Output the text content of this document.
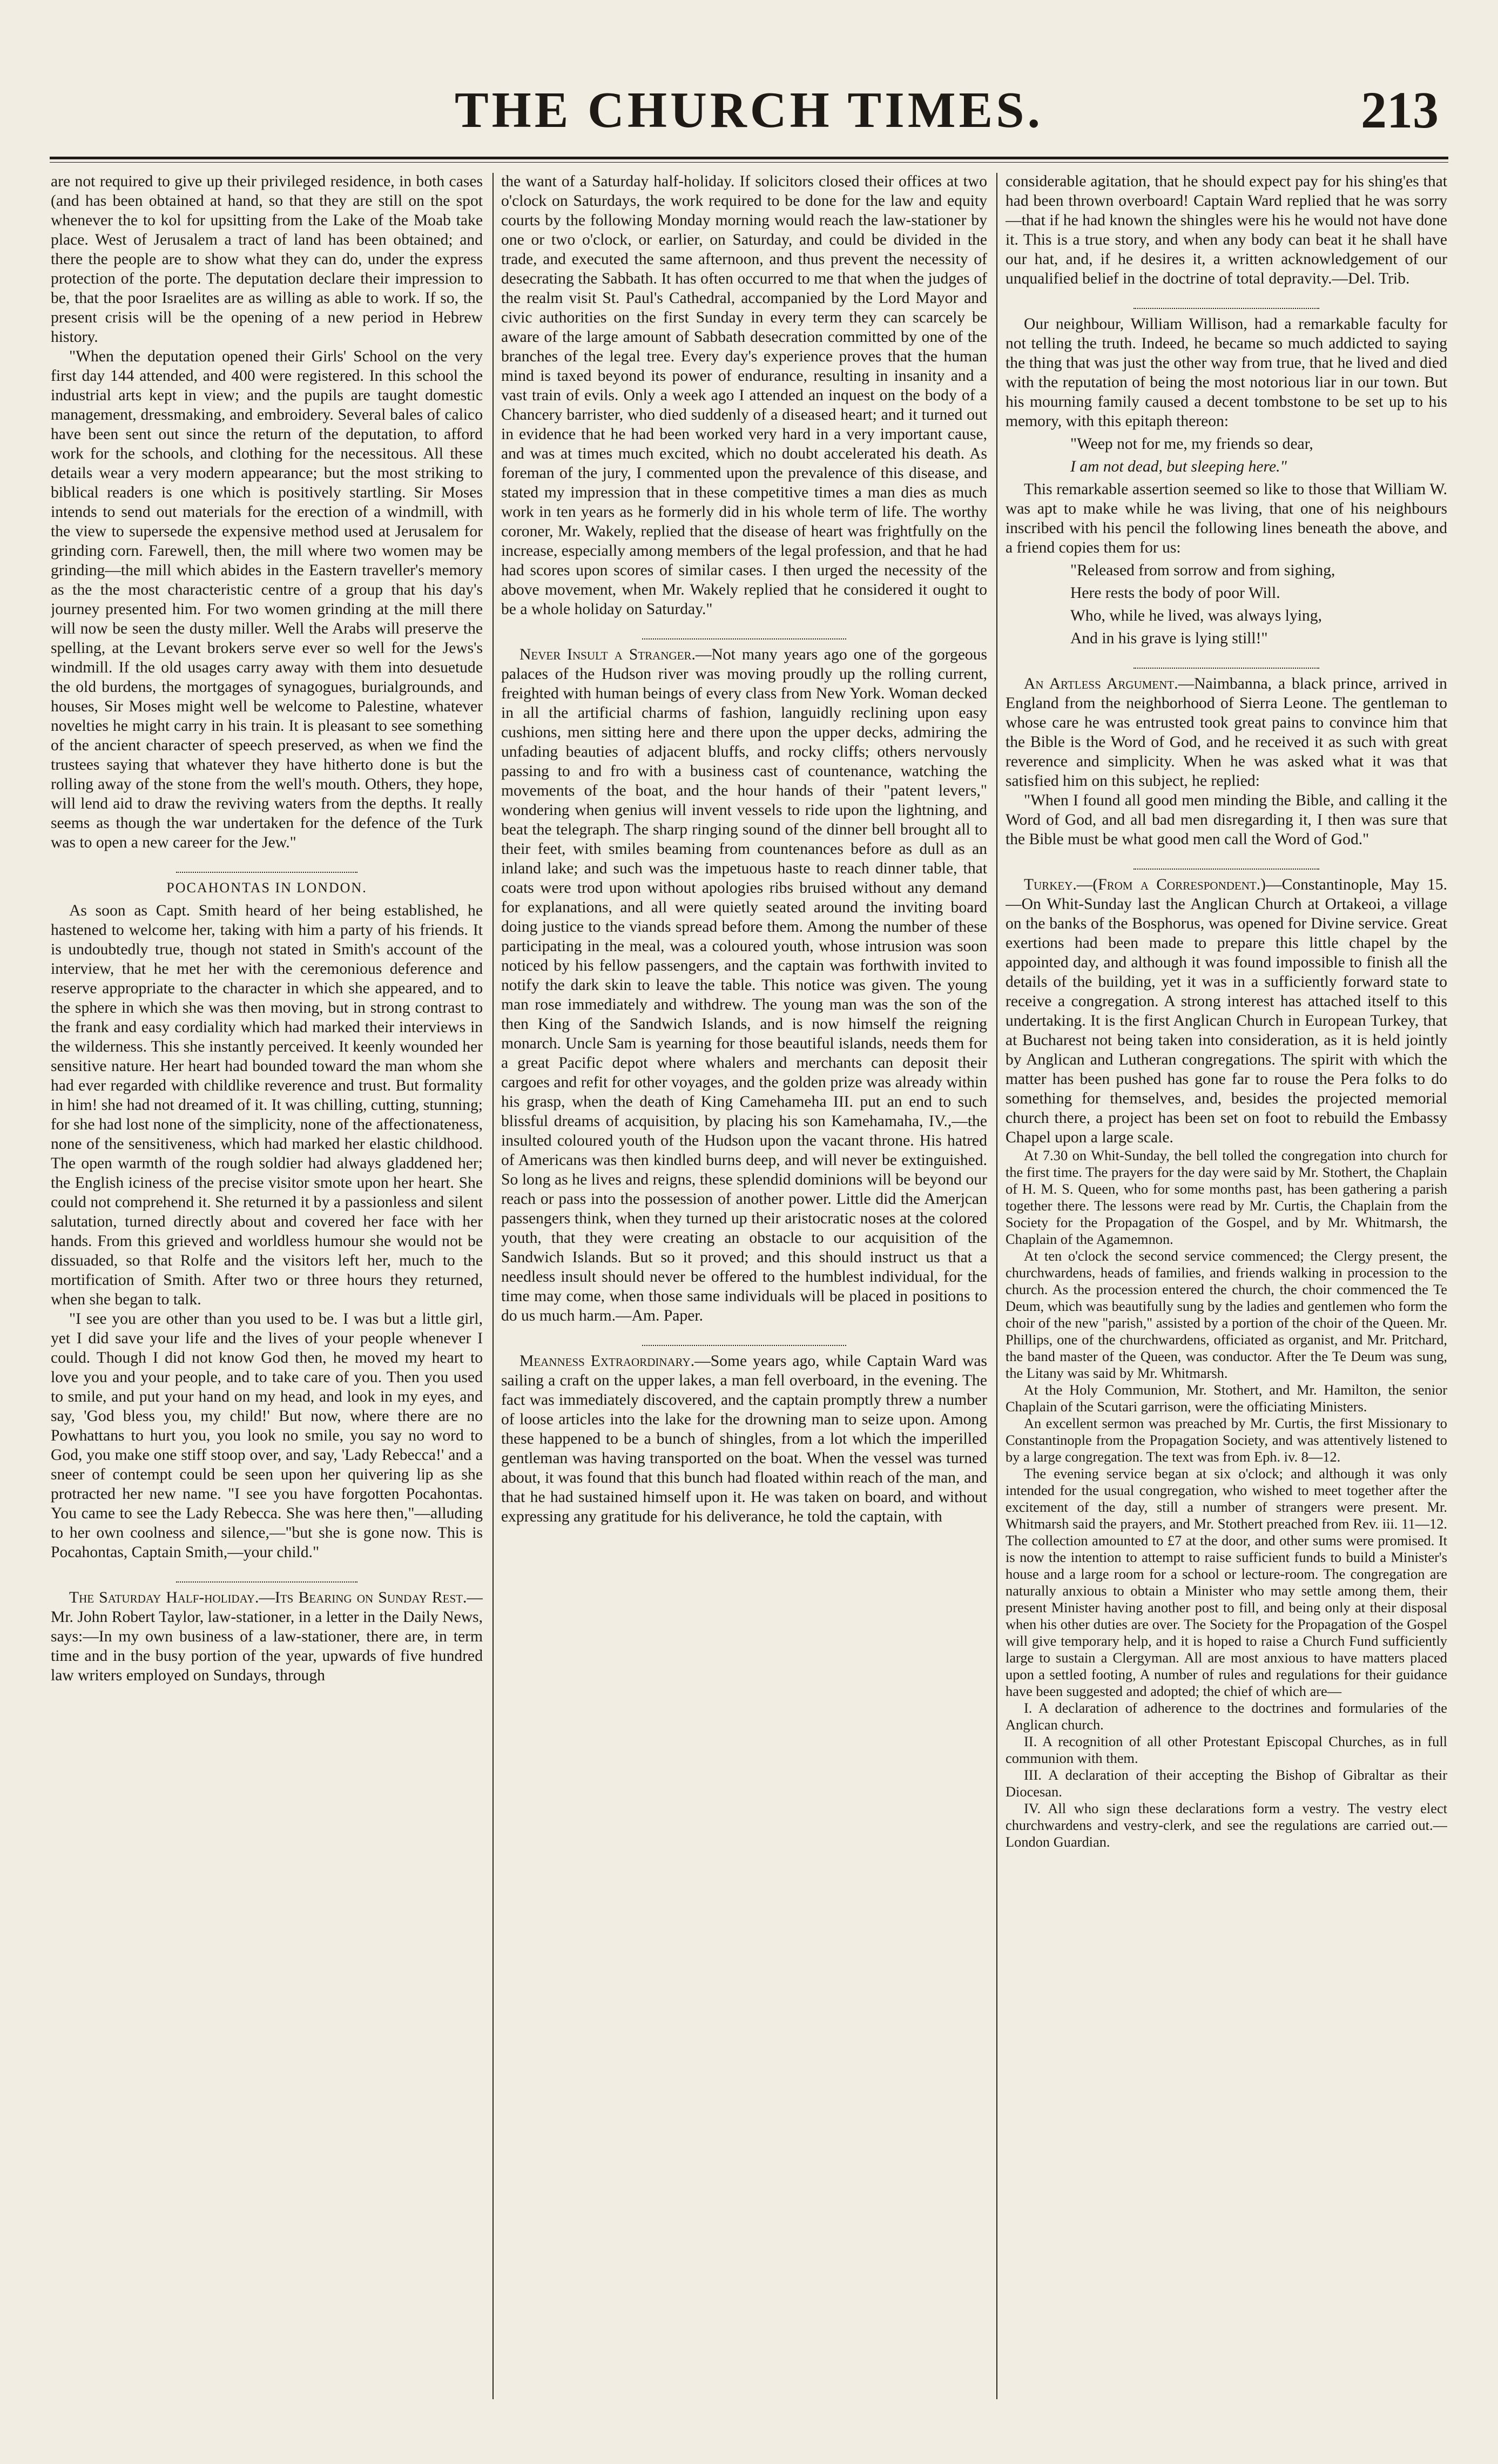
THE CHURCH TIMES.	213

are not required to give up their privileged residence, in both cases (and has been obtained at hand, so that they are still on the spot whenever the to kol for upsitting from the Lake of the Moab take place. West of Jerusalem a tract of land has been obtained; and there the people are to show what they can do, under the express protection of the porte. The deputation declare their impression to be, that the poor Israelites are as willing as able to work. If so, the present crisis will be the opening of a new period in Hebrew history.

"When the deputation opened their Girls' School on the very first day 144 attended, and 400 were registered. In this school the industrial arts kept in view; and the pupils are taught domestic management, dressmaking, and embroidery. Several bales of calico have been sent out since the return of the deputation, to afford work for the schools, and clothing for the necessitous. All these details wear a very modern appearance; but the most striking to biblical readers is one which is positively startling. Sir Moses intends to send out materials for the erection of a windmill, with the view to supersede the expensive method used at Jerusalem for grinding corn. Farewell, then, the mill where two women may be grinding—the mill which abides in the Eastern traveller's memory as the the most characteristic centre of a group that his day's journey presented him. For two women grinding at the mill there will now be seen the dusty miller. Well the Arabs will preserve the spelling, at the Levant brokers serve ever so well for the Jews's windmill. If the old usages carry away with them into desuetude the old burdens, the mortgages of synagogues, burialgrounds, and houses, Sir Moses might well be welcome to Palestine, whatever novelties he might carry in his train. It is pleasant to see something of the ancient character of speech preserved, as when we find the trustees saying that whatever they have hitherto done is but the rolling away of the stone from the well's mouth. Others, they hope, will lend aid to draw the reviving waters from the depths. It really seems as though the war undertaken for the defence of the Turk was to open a new career for the Jew."

POCAHONTAS IN LONDON.

As soon as Capt. Smith heard of her being established, he hastened to welcome her, taking with him a party of his friends. It is undoubtedly true, though not stated in Smith's account of the interview, that he met her with the ceremonious deference and reserve appropriate to the character in which she appeared, and to the sphere in which she was then moving, but in strong contrast to the frank and easy cordiality which had marked their interviews in the wilderness. This she instantly perceived. It keenly wounded her sensitive nature. Her heart had bounded toward the man whom she had ever regarded with childlike reverence and trust. But formality in him! she had not dreamed of it. It was chilling, cutting, stunning; for she had lost none of the simplicity, none of the affectionateness, none of the sensitiveness, which had marked her elastic childhood. The open warmth of the rough soldier had always gladdened her; the English iciness of the precise visitor smote upon her heart. She could not comprehend it. She returned it by a passionless and silent salutation, turned directly about and covered her face with her hands. From this grieved and worldless humour she would not be dissuaded, so that Rolfe and the visitors left her, much to the mortification of Smith. After two or three hours they returned, when she began to talk.

"I see you are other than you used to be. I was but a little girl, yet I did save your life and the lives of your people whenever I could. Though I did not know God then, he moved my heart to love you and your people, and to take care of you. Then you used to smile, and put your hand on my head, and look in my eyes, and say, 'God bless you, my child!' But now, where there are no Powhattans to hurt you, you look no smile, you say no word to God, you make one stiff stoop over, and say, 'Lady Rebecca!' and a sneer of contempt could be seen upon her quivering lip as she protracted her new name. "I see you have forgotten Pocahontas. You came to see the Lady Rebecca. She was here then,"—alluding to her own coolness and silence,—"but she is gone now. This is Pocahontas, Captain Smith,—your child."

The Saturday Half-holiday.—Its Bearing on Sunday Rest.—Mr. John Robert Taylor, law-stationer, in a letter in the Daily News, says:—In my own business of a law-stationer, there are, in term time and in the busy portion of the year, upwards of five hundred law writers employed on Sundays, through

the want of a Saturday half-holiday. If solicitors closed their offices at two o'clock on Saturdays, the work required to be done for the law and equity courts by the following Monday morning would reach the law-stationer by one or two o'clock, or earlier, on Saturday, and could be divided in the trade, and executed the same afternoon, and thus prevent the necessity of desecrating the Sabbath. It has often occurred to me that when the judges of the realm visit St. Paul's Cathedral, accompanied by the Lord Mayor and civic authorities on the first Sunday in every term they can scarcely be aware of the large amount of Sabbath desecration committed by one of the branches of the legal tree. Every day's experience proves that the human mind is taxed beyond its power of endurance, resulting in insanity and a vast train of evils. Only a week ago I attended an inquest on the body of a Chancery barrister, who died suddenly of a diseased heart; and it turned out in evidence that he had been worked very hard in a very important cause, and was at times much excited, which no doubt accelerated his death. As foreman of the jury, I commented upon the prevalence of this disease, and stated my impression that in these competitive times a man dies as much work in ten years as he formerly did in his whole term of life. The worthy coroner, Mr. Wakely, replied that the disease of heart was frightfully on the increase, especially among members of the legal profession, and that he had had scores upon scores of similar cases. I then urged the necessity of the above movement, when Mr. Wakely replied that he considered it ought to be a whole holiday on Saturday."

Never Insult a Stranger.—Not many years ago one of the gorgeous palaces of the Hudson river was moving proudly up the rolling current, freighted with human beings of every class from New York. Woman decked in all the artificial charms of fashion, languidly reclining upon easy cushions, men sitting here and there upon the upper decks, admiring the unfading beauties of adjacent bluffs, and rocky cliffs; others nervously passing to and fro with a business cast of countenance, watching the movements of the boat, and the hour hands of their "patent levers," wondering when genius will invent vessels to ride upon the lightning, and beat the telegraph. The sharp ringing sound of the dinner bell brought all to their feet, with smiles beaming from countenances before as dull as an inland lake; and such was the impetuous haste to reach dinner table, that coats were trod upon without apologies ribs bruised without any demand for explanations, and all were quietly seated around the inviting board doing justice to the viands spread before them. Among the number of these participating in the meal, was a coloured youth, whose intrusion was soon noticed by his fellow passengers, and the captain was forthwith invited to notify the dark skin to leave the table. This notice was given. The young man rose immediately and withdrew. The young man was the son of the then King of the Sandwich Islands, and is now himself the reigning monarch. Uncle Sam is yearning for those beautiful islands, needs them for a great Pacific depot where whalers and merchants can deposit their cargoes and refit for other voyages, and the golden prize was already within his grasp, when the death of King Camehameha III. put an end to such blissful dreams of acquisition, by placing his son Kamehamaha, IV.,—the insulted coloured youth of the Hudson upon the vacant throne. His hatred of Americans was then kindled burns deep, and will never be extinguished. So long as he lives and reigns, these splendid dominions will be beyond our reach or pass into the possession of another power. Little did the Amerjcan passengers think, when they turned up their aristocratic noses at the colored youth, that they were creating an obstacle to our acquisition of the Sandwich Islands. But so it proved; and this should instruct us that a needless insult should never be offered to the humblest individual, for the time may come, when those same individuals will be placed in positions to do us much harm.—Am. Paper.

Meanness Extraordinary.—Some years ago, while Captain Ward was sailing a craft on the upper lakes, a man fell overboard, in the evening. The fact was immediately discovered, and the captain promptly threw a number of loose articles into the lake for the drowning man to seize upon. Among these happened to be a bunch of shingles, from a lot which the imperilled gentleman was having transported on the boat. When the vessel was turned about, it was found that this bunch had floated within reach of the man, and that he had sustained himself upon it. He was taken on board, and without expressing any gratitude for his deliverance, he told the captain, with

considerable agitation, that he should expect pay for his shing'es that had been thrown overboard! Captain Ward replied that he was sorry—that if he had known the shingles were his he would not have done it. This is a true story, and when any body can beat it he shall have our hat, and, if he desires it, a written acknowledgement of our unqualified belief in the doctrine of total depravity.—Del. Trib.

Our neighbour, William Willison, had a remarkable faculty for not telling the truth. Indeed, he became so much addicted to saying the thing that was just the other way from true, that he lived and died with the reputation of being the most notorious liar in our town. But his mourning family caused a decent tombstone to be set up to his memory, with this epitaph thereon:

"Weep not for me, my friends so dear,
I am not dead, but sleeping here."

This remarkable assertion seemed so like to those that William W. was apt to make while he was living, that one of his neighbours inscribed with his pencil the following lines beneath the above, and a friend copies them for us:

"Released from sorrow and from sighing,
Here rests the body of poor Will.
Who, while he lived, was always lying,
And in his grave is lying still!"

An Artless Argument.—Naimbanna, a black prince, arrived in England from the neighborhood of Sierra Leone. The gentleman to whose care he was entrusted took great pains to convince him that the Bible is the Word of God, and he received it as such with great reverence and simplicity. When he was asked what it was that satisfied him on this subject, he replied:

"When I found all good men minding the Bible, and calling it the Word of God, and all bad men disregarding it, I then was sure that the Bible must be what good men call the Word of God."

Turkey.—(From a Correspondent.)—Constantinople, May 15.—On Whit-Sunday last the Anglican Church at Ortakeoi, a village on the banks of the Bosphorus, was opened for Divine service. Great exertions had been made to prepare this little chapel by the appointed day, and although it was found impossible to finish all the details of the building, yet it was in a sufficiently forward state to receive a congregation. A strong interest has attached itself to this undertaking. It is the first Anglican Church in European Turkey, that at Bucharest not being taken into consideration, as it is held jointly by Anglican and Lutheran congregations. The spirit with which the matter has been pushed has gone far to rouse the Pera folks to do something for themselves, and, besides the projected memorial church there, a project has been set on foot to rebuild the Embassy Chapel upon a large scale.

At 7.30 on Whit-Sunday, the bell tolled the congregation into church for the first time. The prayers for the day were said by Mr. Stothert, the Chaplain of H. M. S. Queen, who for some months past, has been gathering a parish together there. The lessons were read by Mr. Curtis, the Chaplain from the Society for the Propagation of the Gospel, and by Mr. Whitmarsh, the Chaplain of the Agamemnon.

At ten o'clock the second service commenced; the Clergy present, the churchwardens, heads of families, and friends walking in procession to the church. As the procession entered the church, the choir commenced the Te Deum, which was beautifully sung by the ladies and gentlemen who form the choir of the new "parish," assisted by a portion of the choir of the Queen. Mr. Phillips, one of the churchwardens, officiated as organist, and Mr. Pritchard, the band master of the Queen, was conductor. After the Te Deum was sung, the Litany was said by Mr. Whitmarsh.

At the Holy Communion, Mr. Stothert, and Mr. Hamilton, the senior Chaplain of the Scutari garrison, were the officiating Ministers.

An excellent sermon was preached by Mr. Curtis, the first Missionary to Constantinople from the Propagation Society, and was attentively listened to by a large congregation. The text was from Eph. iv. 8—12.

The evening service began at six o'clock; and although it was only intended for the usual congregation, who wished to meet together after the excitement of the day, still a number of strangers were present. Mr. Whitmarsh said the prayers, and Mr. Stothert preached from Rev. iii. 11—12. The collection amounted to £7 at the door, and other sums were promised. It is now the intention to attempt to raise sufficient funds to build a Minister's house and a large room for a school or lecture-room. The congregation are naturally anxious to obtain a Minister who may settle among them, their present Minister having another post to fill, and being only at their disposal when his other duties are over. The Society for the Propagation of the Gospel will give temporary help, and it is hoped to raise a Church Fund sufficiently large to sustain a Clergyman. All are most anxious to have matters placed upon a settled footing, A number of rules and regulations for their guidance have been suggested and adopted; the chief of which are—

I. A declaration of adherence to the doctrines and formularies of the Anglican church.

II. A recognition of all other Protestant Episcopal Churches, as in full communion with them.

III. A declaration of their accepting the Bishop of Gibraltar as their Diocesan.

IV. All who sign these declarations form a vestry. The vestry elect churchwardens and vestry-clerk, and see the regulations are carried out.—London Guardian.
